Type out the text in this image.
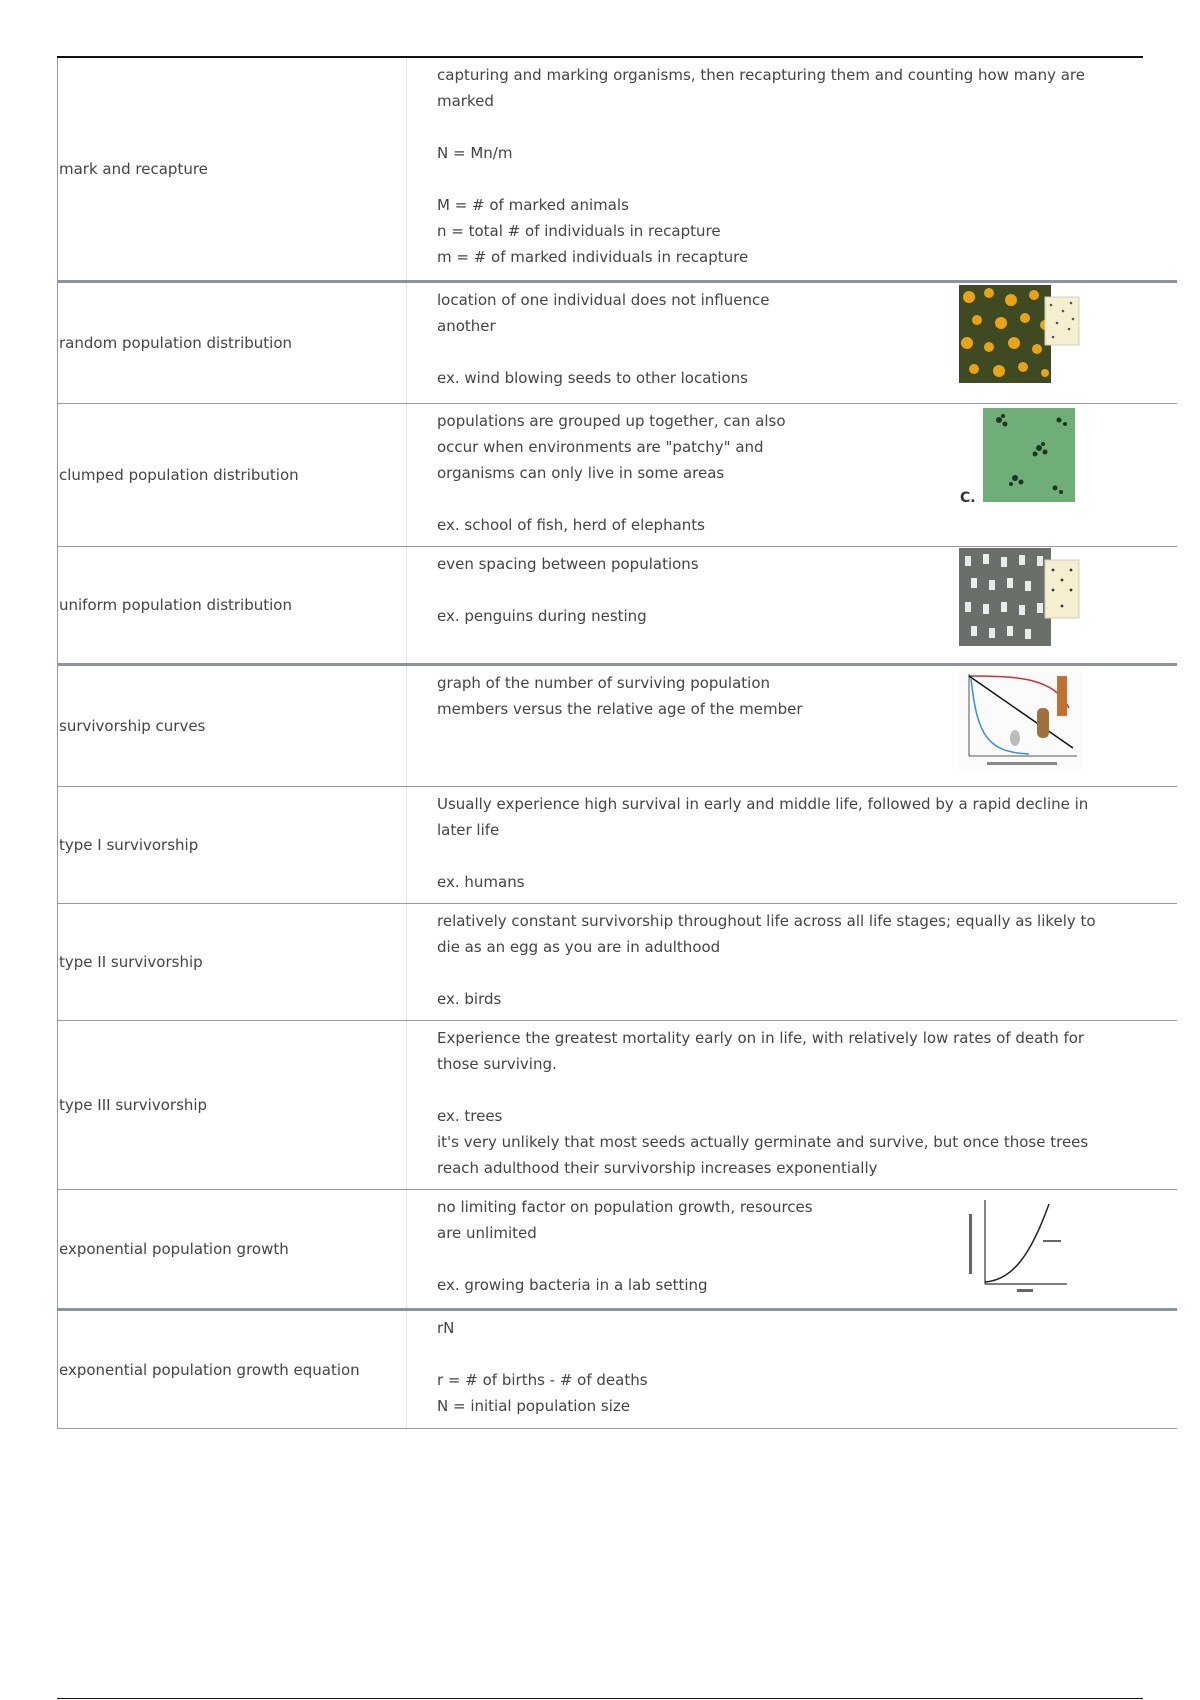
mark and recapture

capturing and marking organisms, then recapturing them and counting how many are

marked

N = Mn/m

M = # of marked animals

n = total # of individuals in recapture

m = # of marked individuals in recapture

random population distribution

location of one individual does not influence

another

ex. wind blowing seeds to other locations

clumped population distribution

populations are grouped up together, can also

occur when environments are "patchy" and

organisms can only live in some areas

ex. school of fish, herd of elephants

C.
uniform population distribution

even spacing between populations

ex. penguins during nesting

survivorship curves

graph of the number of surviving population

members versus the relative age of the member

type I survivorship

Usually experience high survival in early and middle life, followed by a rapid decline in

later life

ex. humans

type II survivorship

relatively constant survivorship throughout life across all life stages; equally as likely to

die as an egg as you are in adulthood

ex. birds

type III survivorship

Experience the greatest mortality early on in life, with relatively low rates of death for

those surviving.

ex. trees

it's very unlikely that most seeds actually germinate and survive, but once those trees

reach adulthood their survivorship increases exponentially

exponential population growth

no limiting factor on population growth, resources

are unlimited

ex. growing bacteria in a lab setting

exponential population growth equation

rN

r = # of births - # of deaths

N = initial population size
